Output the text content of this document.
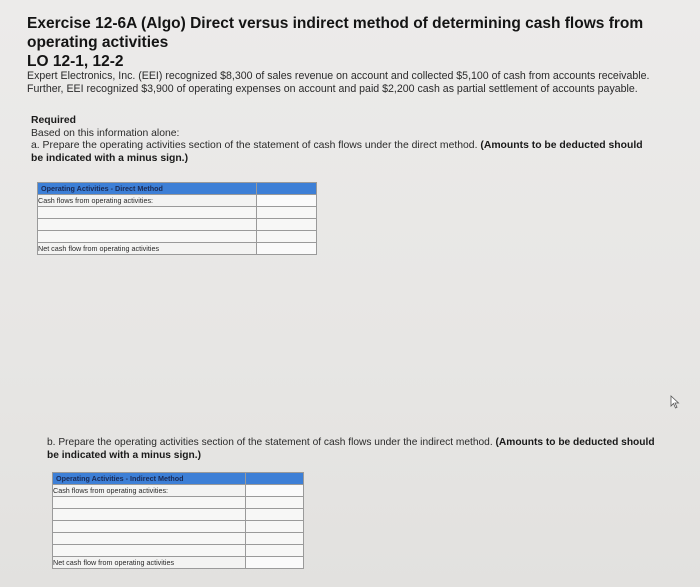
Exercise 12-6A (Algo) Direct versus indirect method of determining cash flows from operating activities
LO 12-1, 12-2
Expert Electronics, Inc. (EEI) recognized $8,300 of sales revenue on account and collected $5,100 of cash from accounts receivable.
Further, EEI recognized $3,900 of operating expenses on account and paid $2,200 cash as partial settlement of accounts payable.
Required
Based on this information alone:
a. Prepare the operating activities section of the statement of cash flows under the direct method. (Amounts to be deducted should
be indicated with a minus sign.)
Operating Activities - Direct Method	
Cash flows from operating activities:	

Net cash flow from operating activities	
b. Prepare the operating activities section of the statement of cash flows under the indirect method. (Amounts to be deducted should
be indicated with a minus sign.)
Operating Activities - Indirect Method	
Cash flows from operating activities:	

Net cash flow from operating activities	
